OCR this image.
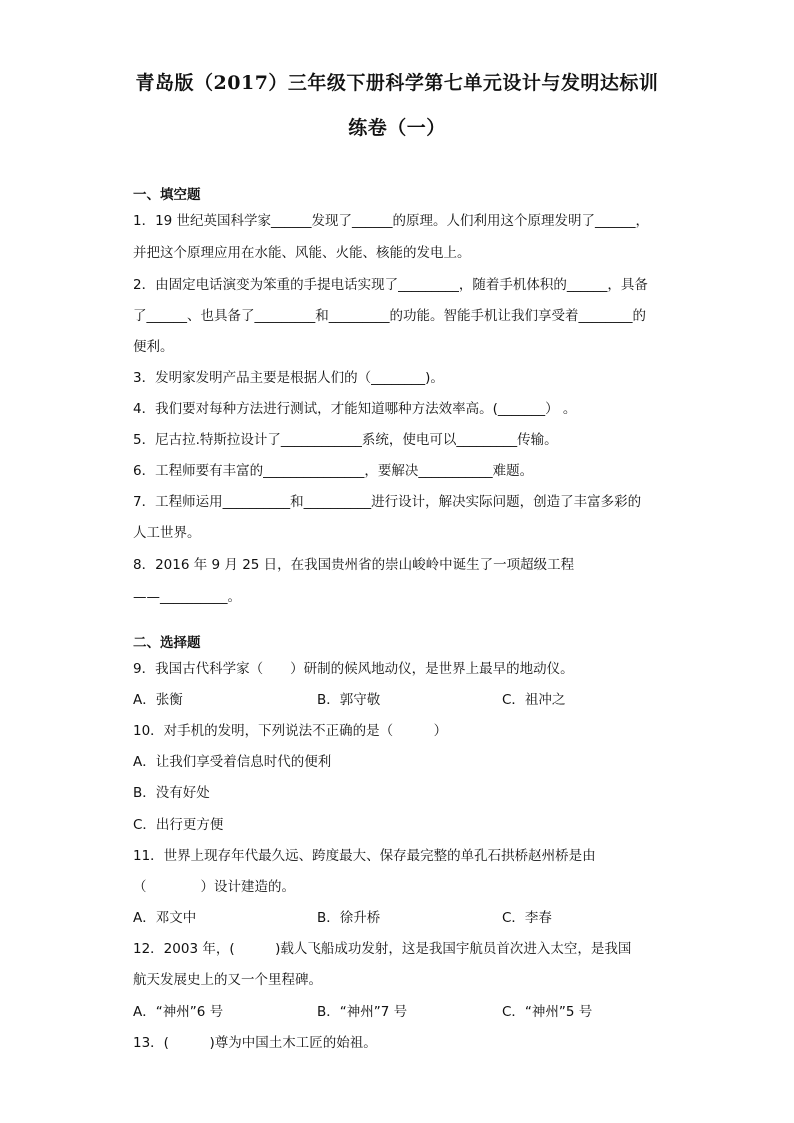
青岛版（2017）三年级下册科学第七单元设计与发明达标训
练卷（一）
一、填空题
1．19 世纪英国科学家______发现了______的原理。人们利用这个原理发明了______，
并把这个原理应用在水能、风能、火能、核能的发电上。
2．由固定电话演变为笨重的手提电话实现了_________，随着手机体积的______，具备
了______、也具备了_________和_________的功能。智能手机让我们享受着________的
便利。
3．发明家发明产品主要是根据人们的（________)。
4．我们要对每种方法进行测试，才能知道哪种方法效率高。(_______） 。
5．尼古拉.特斯拉设计了____________系统，使电可以_________传输。
6．工程师要有丰富的_______________，要解决___________难题。
7．工程师运用__________和__________进行设计，解决实际问题，创造了丰富多彩的
人工世界。
8．2016 年 9 月 25 日，在我国贵州省的崇山峻岭中诞生了一项超级工程
——__________。
二、选择题
9．我国古代科学家（　　）研制的候风地动仪，是世界上最早的地动仪。
A．张衡	B．郭守敬	C．祖冲之
10．对手机的发明，下列说法不正确的是（　　　）
A．让我们享受着信息时代的便利
B．没有好处
C．出行更方便
11．世界上现存年代最久远、跨度最大、保存最完整的单孔石拱桥赵州桥是由
（　　　　）设计建造的。
A．邓文中	B．徐升桥	C．李春
12．2003 年，(　　　)载人飞船成功发射，这是我国宇航员首次进入太空，是我国
航天发展史上的又一个里程碑。
A．“神州”6 号	B．“神州”7 号	C．“神州”5 号
13．(　　　)尊为中国土木工匠的始祖。
